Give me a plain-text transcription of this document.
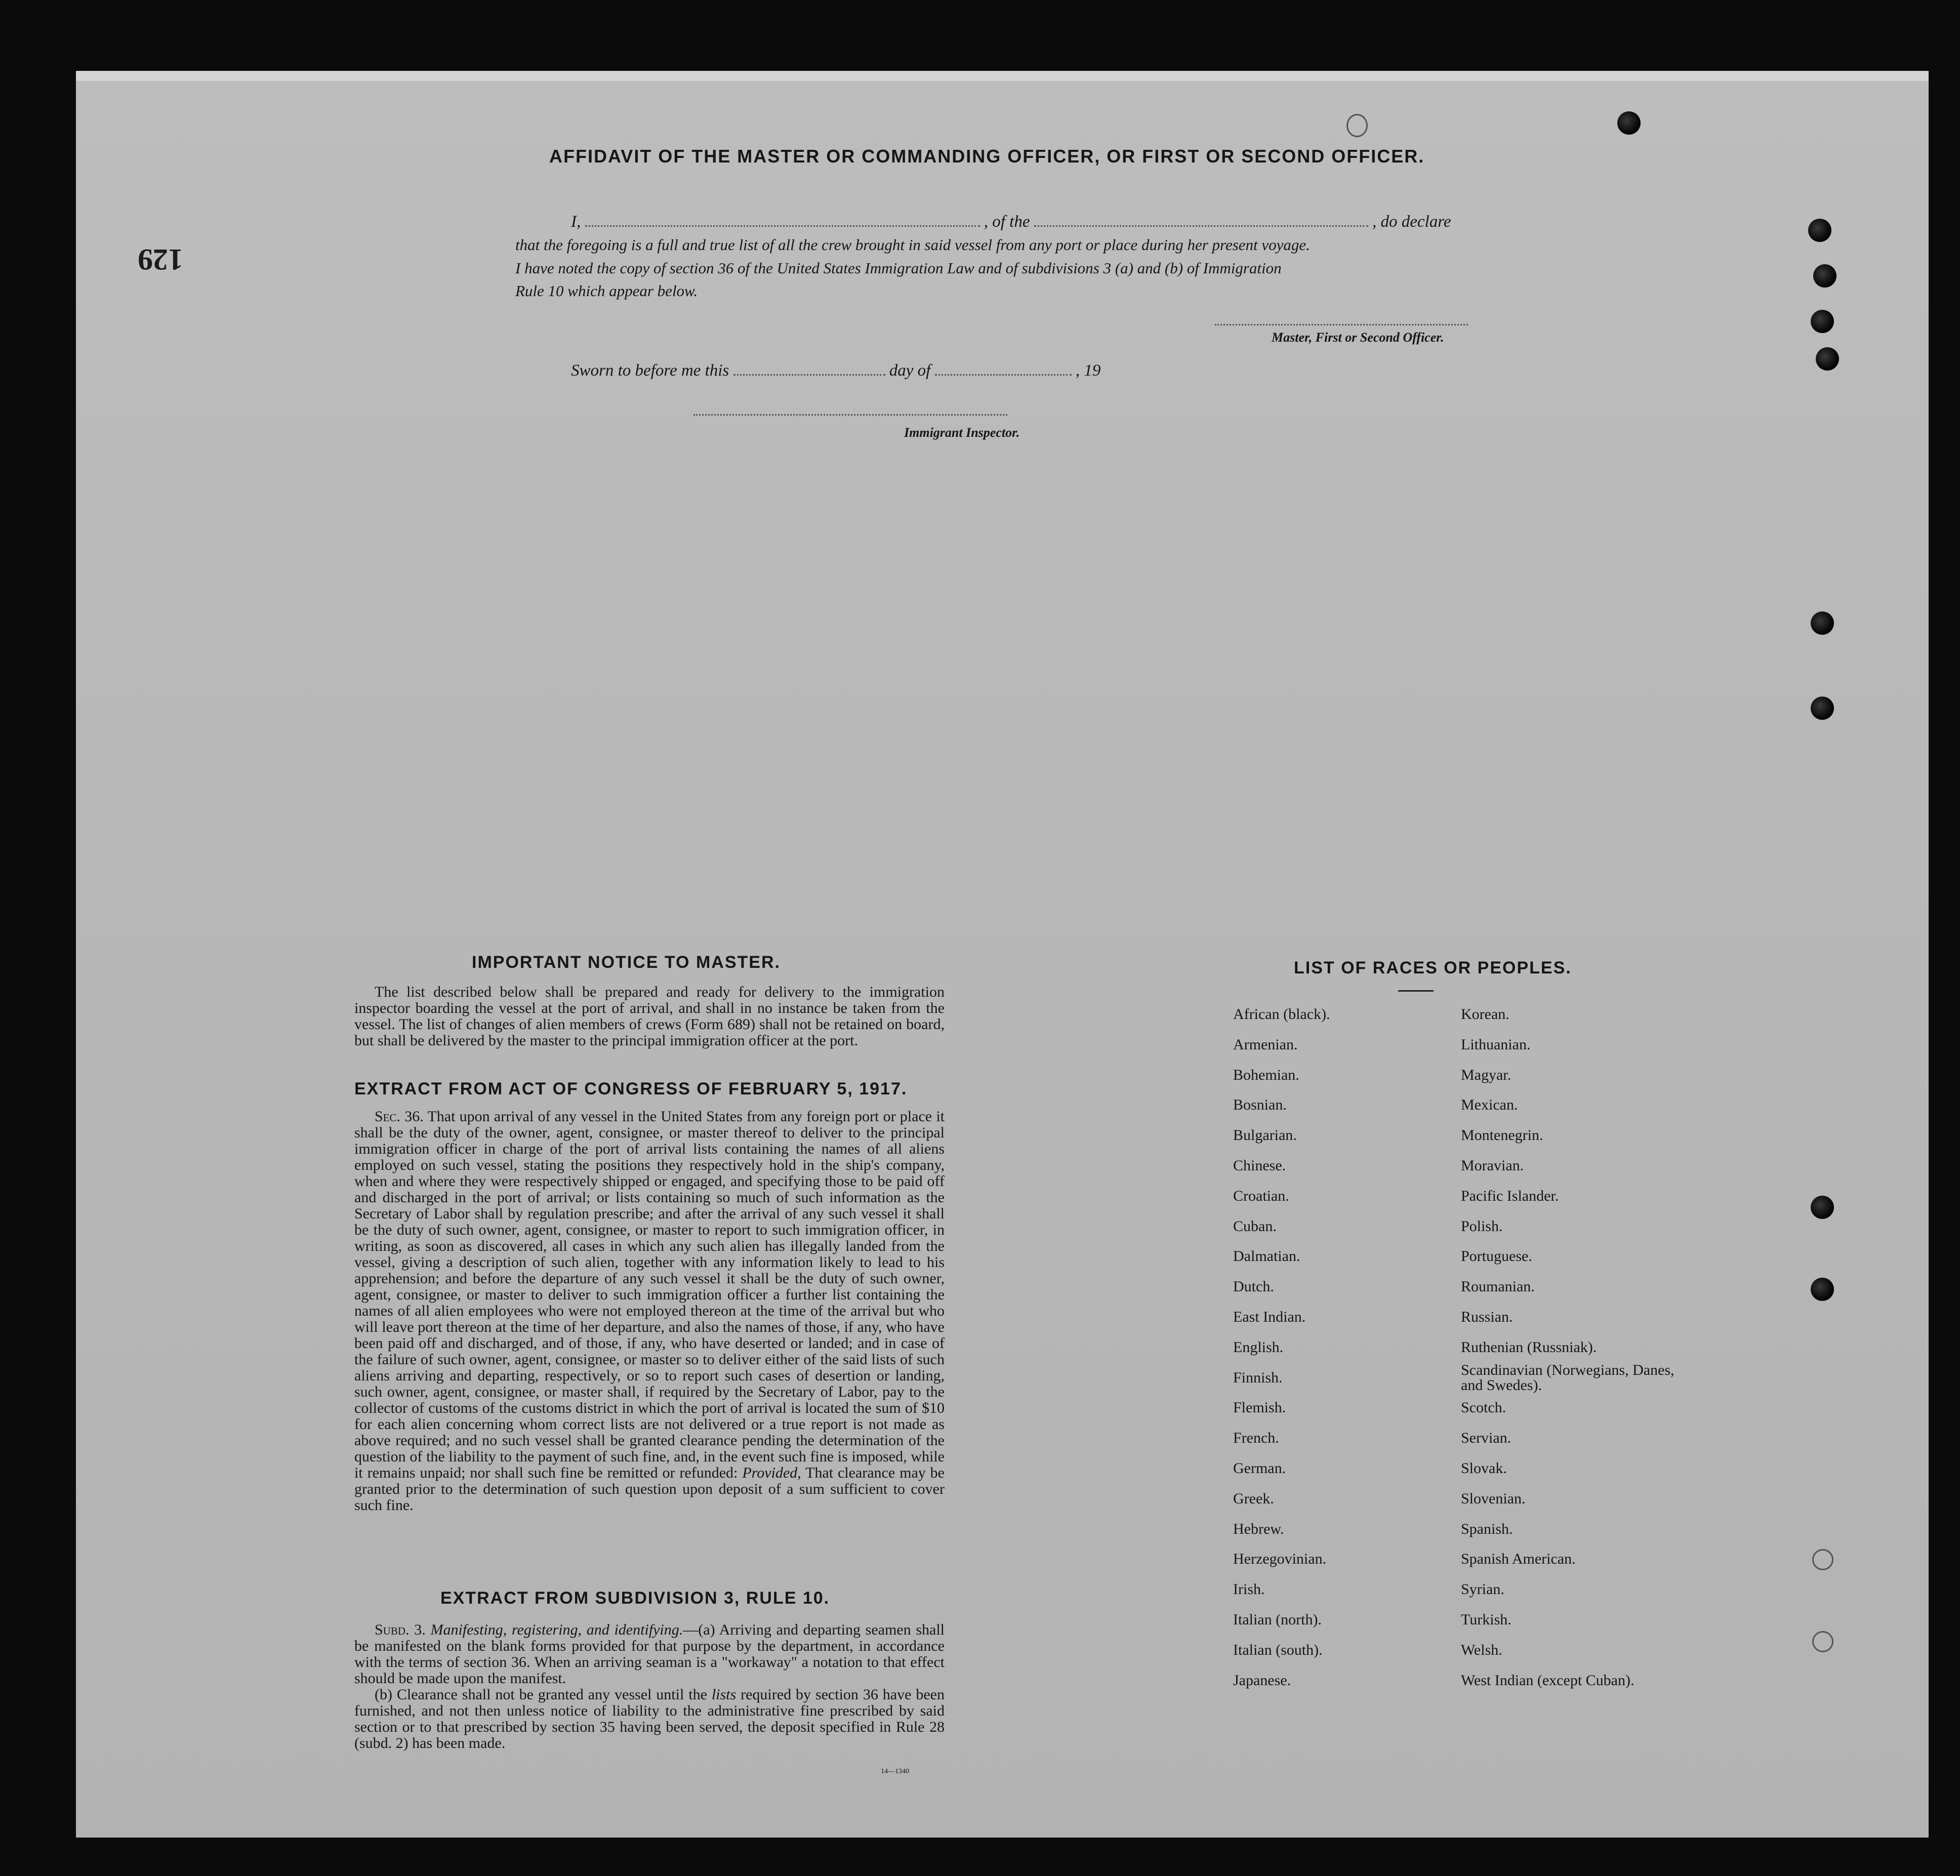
129
AFFIDAVIT OF THE MASTER OR COMMANDING OFFICER, OR FIRST OR SECOND OFFICER.
I,	, of the	, do declare
that the foregoing is a full and true list of all the crew brought in said vessel from any port or place during her present voyage.
I have noted the copy of section 36 of the United States Immigration Law and of subdivisions 3 (a) and (b) of Immigration
Rule 10 which appear below.
Master, First or Second Officer.
Sworn to before me this	day of	, 19
Immigrant Inspector.
IMPORTANT NOTICE TO MASTER.
The list described below shall be prepared and ready for delivery to the immigration inspector boarding the vessel at the port of arrival, and shall in no instance be taken from the vessel. The list of changes of alien members of crews (Form 689) shall not be retained on board, but shall be delivered by the master to the principal immigration officer at the port.
EXTRACT FROM ACT OF CONGRESS OF FEBRUARY 5, 1917.
Sec. 36. That upon arrival of any vessel in the United States from any foreign port or place it shall be the duty of the owner, agent, consignee, or master thereof to deliver to the principal immigration officer in charge of the port of arrival lists containing the names of all aliens employed on such vessel, stating the positions they respectively hold in the ship's company, when and where they were respectively shipped or engaged, and specifying those to be paid off and discharged in the port of arrival; or lists containing so much of such information as the Secretary of Labor shall by regulation prescribe; and after the arrival of any such vessel it shall be the duty of such owner, agent, consignee, or master to report to such immigration officer, in writing, as soon as discovered, all cases in which any such alien has illegally landed from the vessel, giving a description of such alien, together with any information likely to lead to his apprehension; and before the departure of any such vessel it shall be the duty of such owner, agent, consignee, or master to deliver to such immigration officer a further list containing the names of all alien employees who were not employed thereon at the time of the arrival but who will leave port thereon at the time of her departure, and also the names of those, if any, who have been paid off and discharged, and of those, if any, who have deserted or landed; and in case of the failure of such owner, agent, consignee, or master so to deliver either of the said lists of such aliens arriving and departing, respectively, or so to report such cases of desertion or landing, such owner, agent, consignee, or master shall, if required by the Secretary of Labor, pay to the collector of customs of the customs district in which the port of arrival is located the sum of $10 for each alien concerning whom correct lists are not delivered or a true report is not made as above required; and no such vessel shall be granted clearance pending the determination of the question of the liability to the payment of such fine, and, in the event such fine is imposed, while it remains unpaid; nor shall such fine be remitted or refunded: Provided, That clearance may be granted prior to the determination of such question upon deposit of a sum sufficient to cover such fine.
EXTRACT FROM SUBDIVISION 3, RULE 10.

Subd. 3. Manifesting, registering, and identifying.—(a) Arriving and departing seamen shall be manifested on the blank forms provided for that purpose by the department, in accordance with the terms of section 36. When an arriving seaman is a "workaway" a notation to that effect should be made upon the manifest.

(b) Clearance shall not be granted any vessel until the lists required by section 36 have been furnished, and not then unless notice of liability to the administrative fine prescribed by said section or to that prescribed by section 35 having been served, the deposit specified in Rule 28 (subd. 2) has been made.

14—1340
LIST OF RACES OR PEOPLES.
African (black).
Armenian.
Bohemian.
Bosnian.
Bulgarian.
Chinese.
Croatian.
Cuban.
Dalmatian.
Dutch.
East Indian.
English.
Finnish.
Flemish.
French.
German.
Greek.
Hebrew.
Herzegovinian.
Irish.
Italian (north).
Italian (south).
Japanese.
Korean.
Lithuanian.
Magyar.
Mexican.
Montenegrin.
Moravian.
Pacific Islander.
Polish.
Portuguese.
Roumanian.
Russian.
Ruthenian (Russniak).
Scandinavian (Norwegians, Danes, and Swedes).
Scotch.
Servian.
Slovak.
Slovenian.
Spanish.
Spanish American.
Syrian.
Turkish.
Welsh.
West Indian (except Cuban).
